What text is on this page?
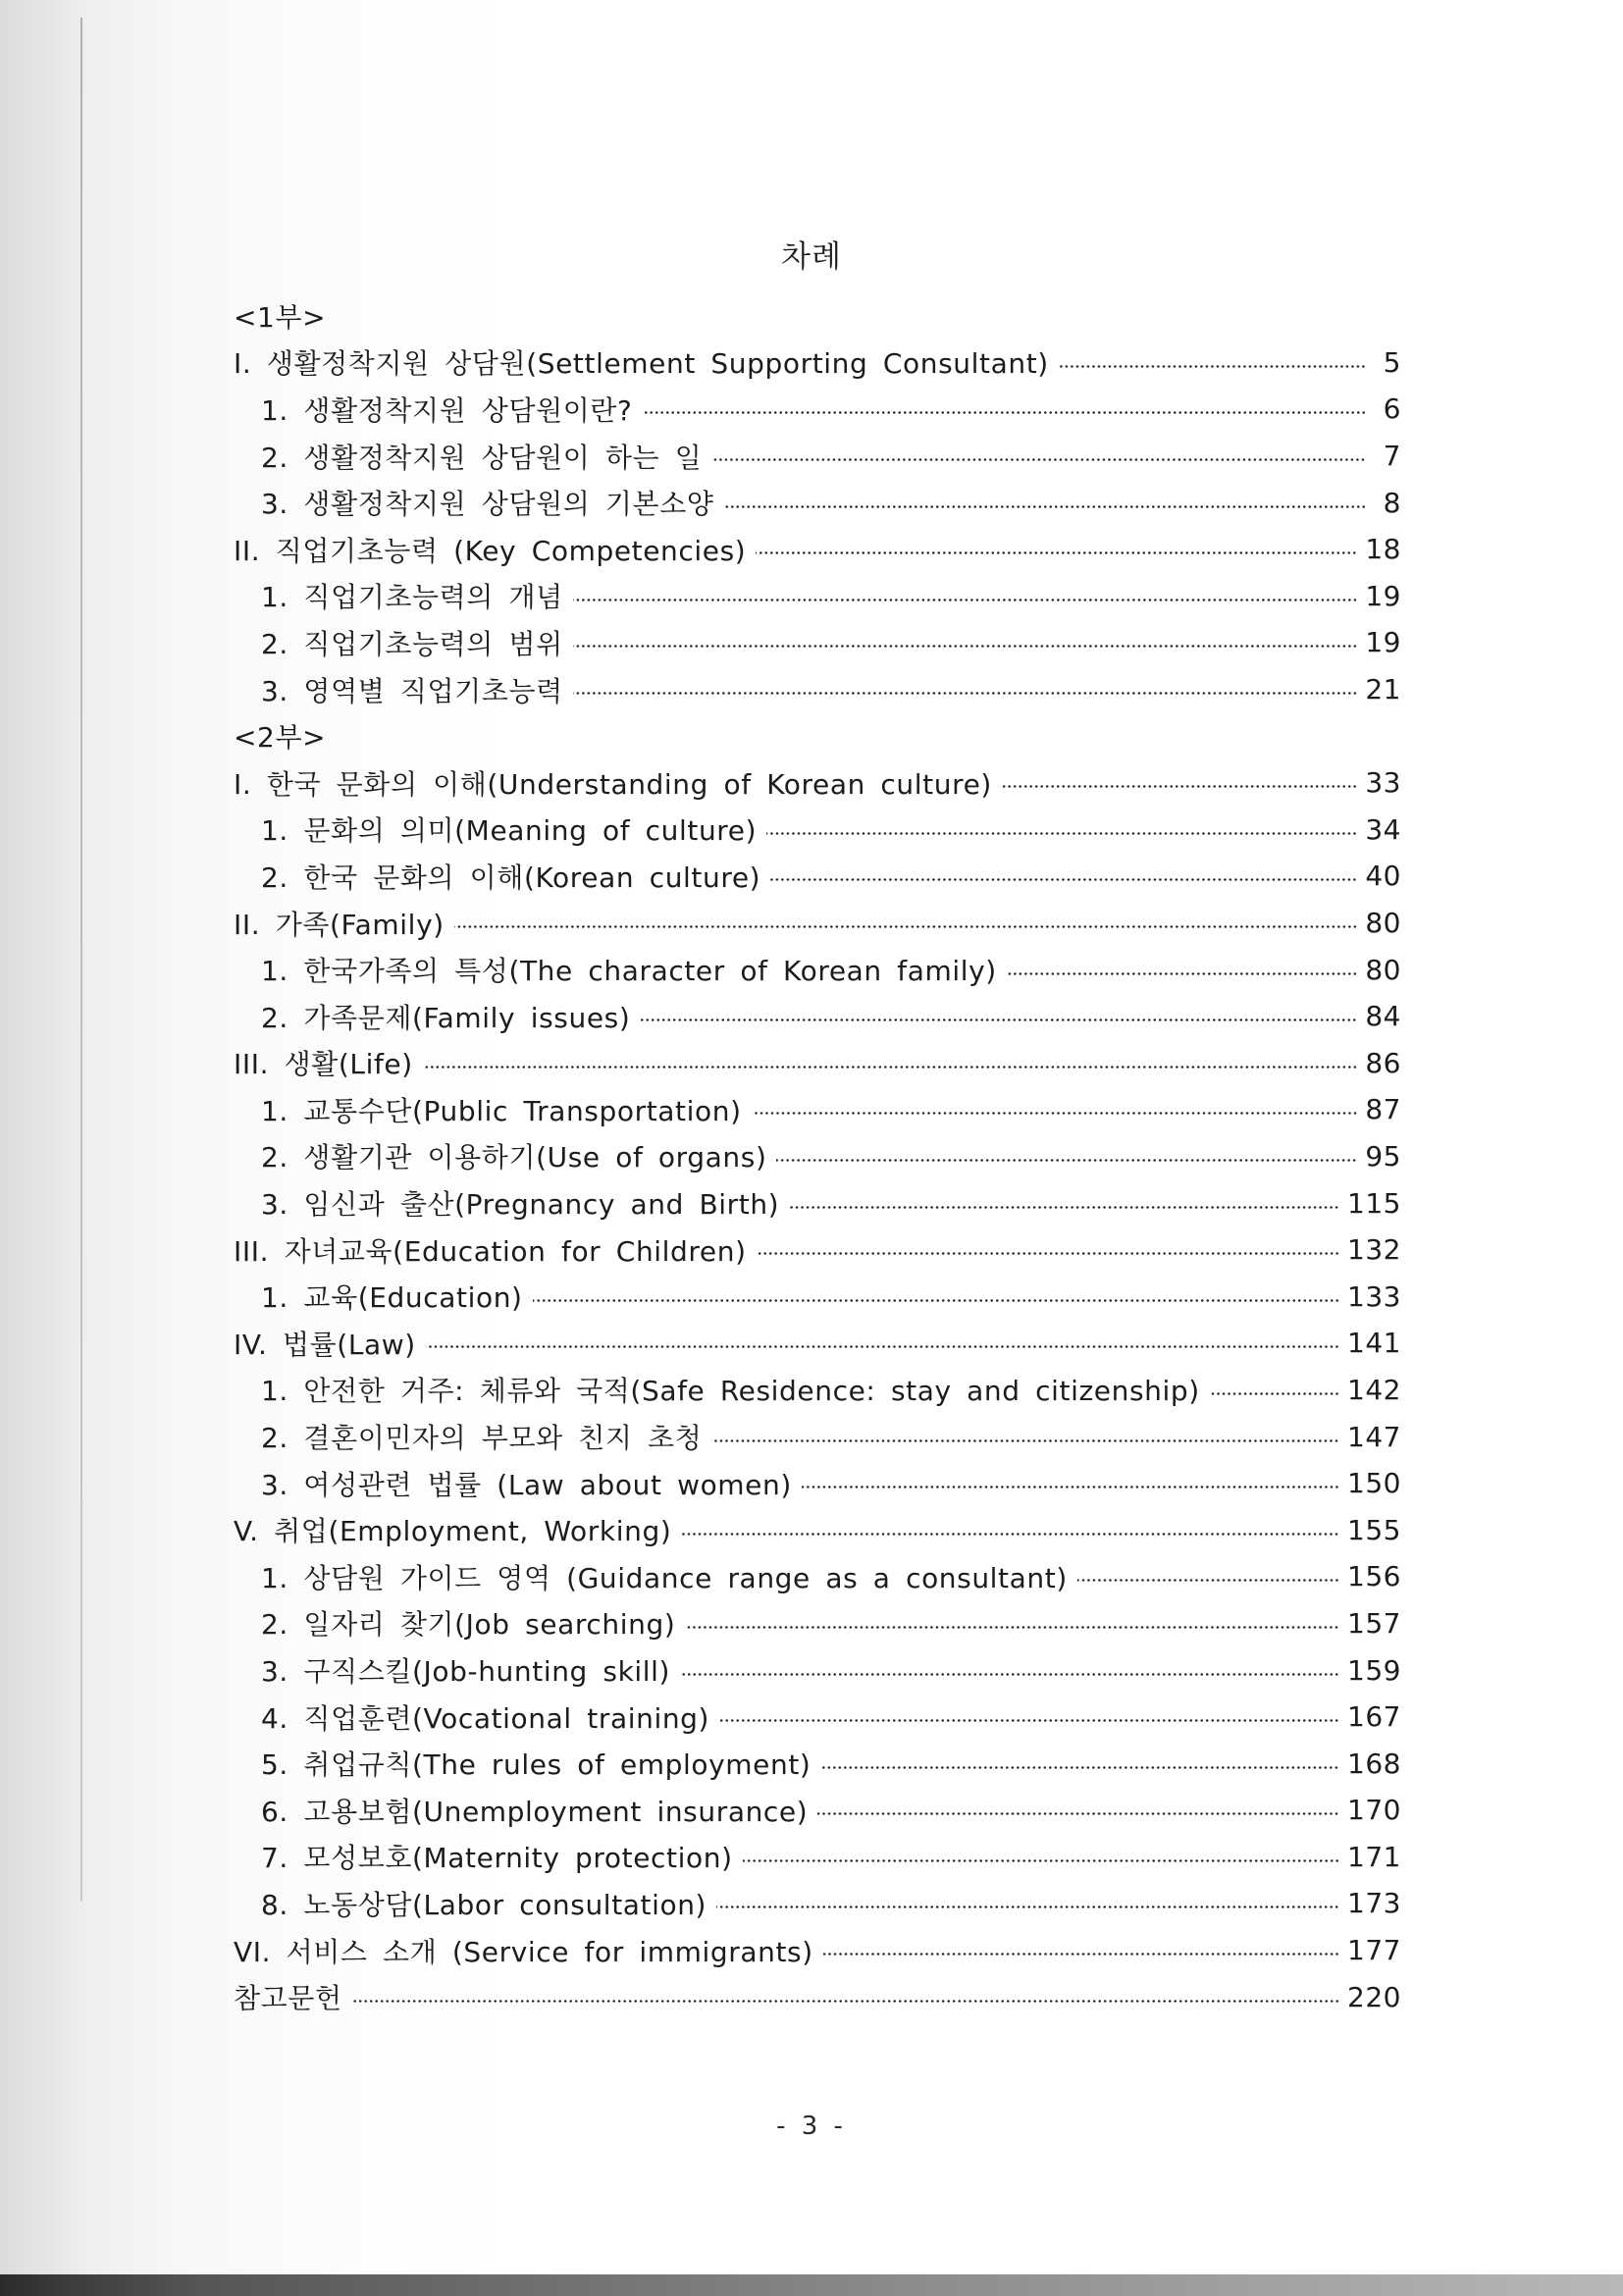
차례
<1부>
I. 생활정착지원 상담원(Settlement Supporting Consultant)	5
1. 생활정착지원 상담원이란?	6
2. 생활정착지원 상담원이 하는 일	7
3. 생활정착지원 상담원의 기본소양	8
II. 직업기초능력 (Key Competencies)	18
1. 직업기초능력의 개념	19
2. 직업기초능력의 범위	19
3. 영역별 직업기초능력	21
<2부>
I. 한국 문화의 이해(Understanding of Korean culture)	33
1. 문화의 의미(Meaning of culture)	34
2. 한국 문화의 이해(Korean culture)	40
II. 가족(Family)	80
1. 한국가족의 특성(The character of Korean family)	80
2. 가족문제(Family issues)	84
III. 생활(Life)	86
1. 교통수단(Public Transportation)	87
2. 생활기관 이용하기(Use of organs)	95
3. 임신과 출산(Pregnancy and Birth)	115
III. 자녀교육(Education for Children)	132
1. 교육(Education)	133
IV. 법률(Law)	141
1. 안전한 거주: 체류와 국적(Safe Residence: stay and citizenship)	142
2. 결혼이민자의 부모와 친지 초청	147
3. 여성관련 법률 (Law about women)	150
V. 취업(Employment, Working)	155
1. 상담원 가이드 영역 (Guidance range as a consultant)	156
2. 일자리 찾기(Job searching)	157
3. 구직스킬(Job-hunting skill)	159
4. 직업훈련(Vocational training)	167
5. 취업규칙(The rules of employment)	168
6. 고용보험(Unemployment insurance)	170
7. 모성보호(Maternity protection)	171
8. 노동상담(Labor consultation)	173
VI. 서비스 소개 (Service for immigrants)	177
참고문헌	220
- 3 -
